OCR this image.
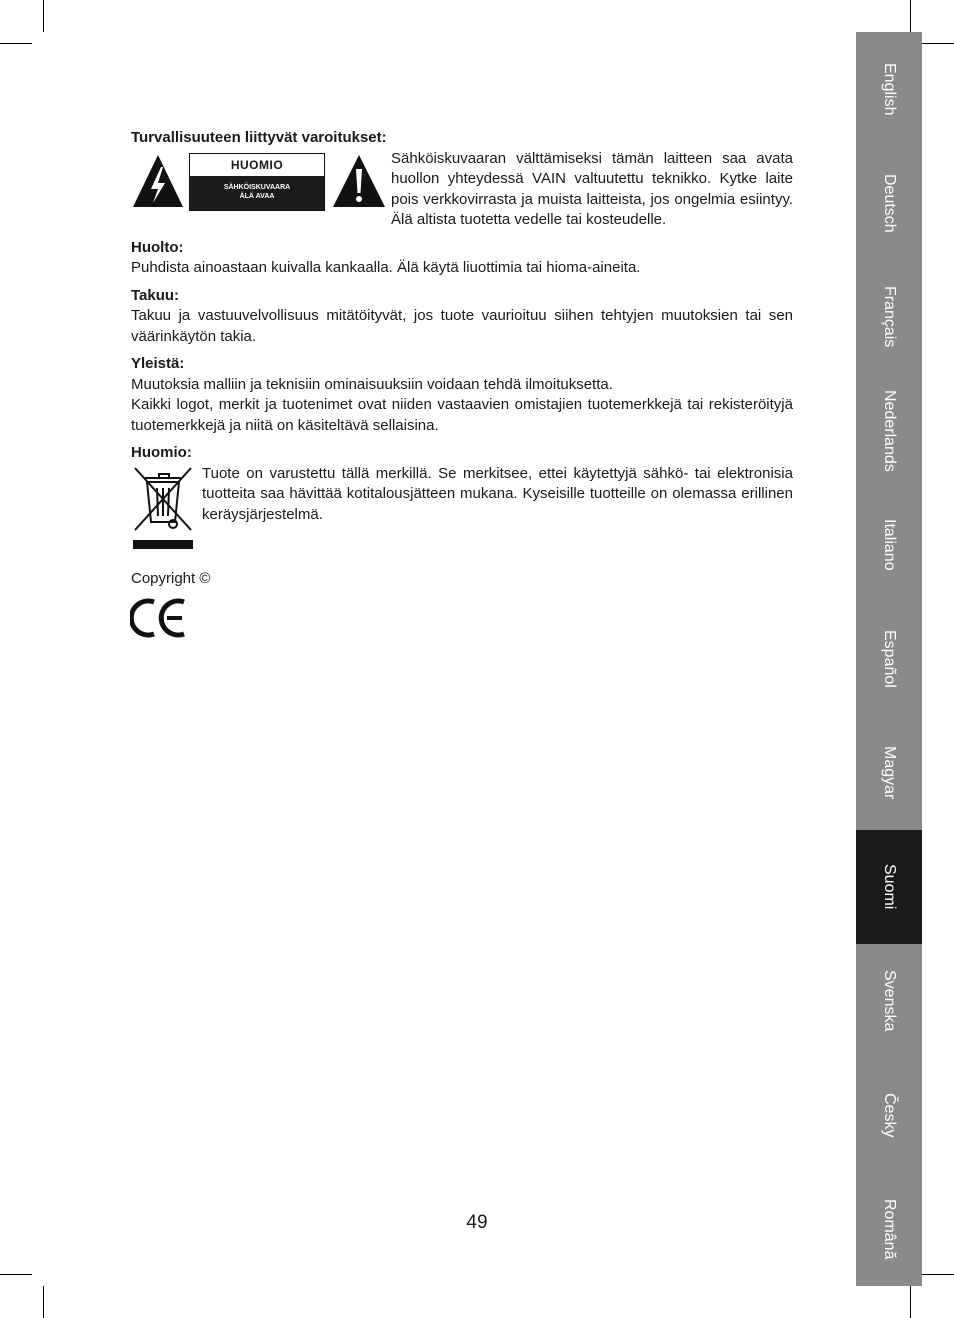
Turvallisuuteen liittyvät varoitukset:

HUOMIO
SÄHKÖISKUVAARA
ÄLÄ AVAA

Sähköiskuvaaran välttämiseksi tämän laitteen saa avata huollon yhteydessä VAIN valtuutettu teknikko. Kytke laite pois verkkovirrasta ja muista laitteista, jos ongelmia esiintyy. Älä altista tuotetta vedelle tai kosteudelle.

Huolto:

Puhdista ainoastaan kuivalla kankaalla. Älä käytä liuottimia tai hioma-aineita.

Takuu:

Takuu ja vastuuvelvollisuus mitätöityvät, jos tuote vaurioituu siihen tehtyjen muutoksien tai sen väärinkäytön takia.

Yleistä:

Muutoksia malliin ja teknisiin ominaisuuksiin voidaan tehdä ilmoituksetta.

Kaikki logot, merkit ja tuotenimet ovat niiden vastaavien omistajien tuotemerkkejä tai rekisteröityjä tuotemerkkejä ja niitä on käsiteltävä sellaisina.

Huomio:

Tuote on varustettu tällä merkillä. Se merkitsee, ettei käytettyjä sähkö- tai elektronisia tuotteita saa hävittää kotitalousjätteen mukana. Kyseisille tuotteille on olemassa erillinen keräysjärjestelmä.

Copyright ©
49
English
Deutsch
Français
Nederlands
Italiano
Español
Magyar
Suomi
Svenska
Česky
Română
